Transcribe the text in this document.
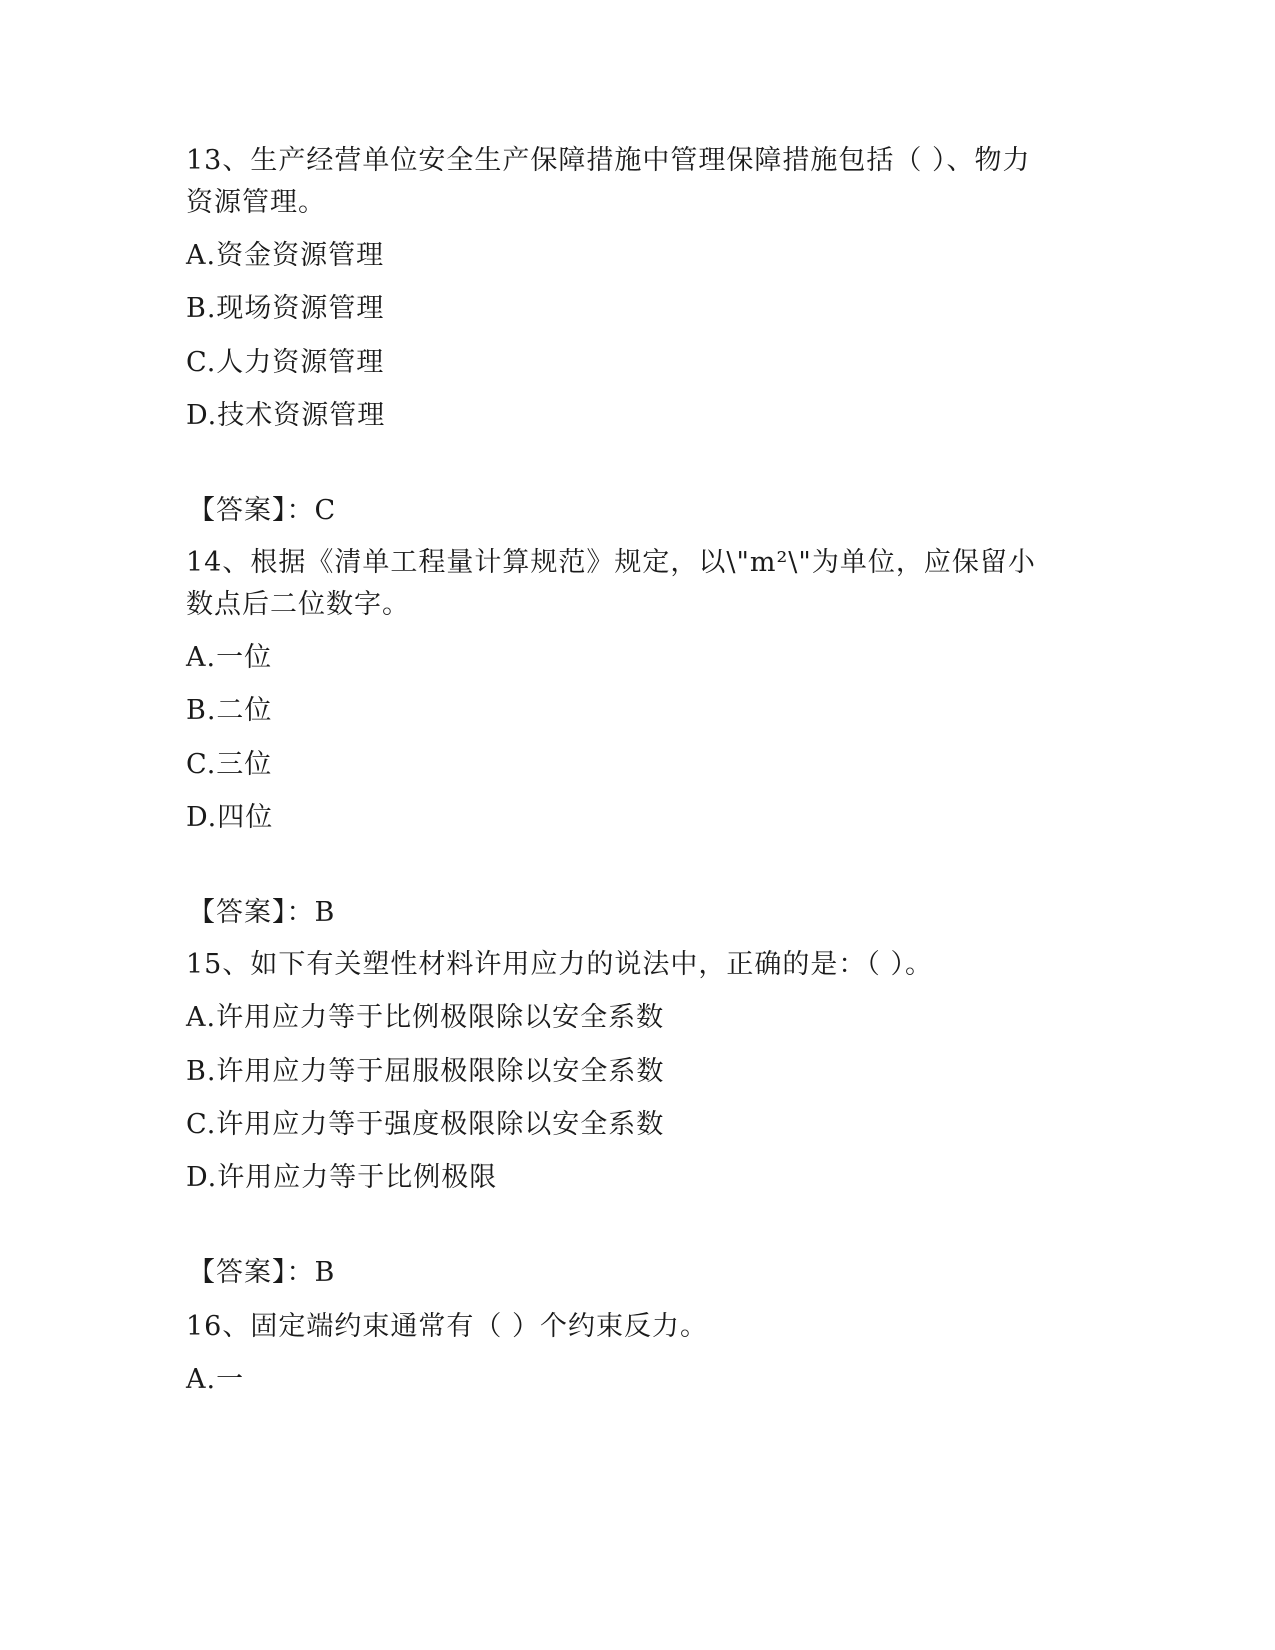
13、生产经营单位安全生产保障措施中管理保障措施包括（ ）、物力
资源管理。
A.资金资源管理
B.现场资源管理
C.人力资源管理
D.技术资源管理
【答案】：C
14、根据《清单工程量计算规范》规定，以\"m²\"为单位，应保留小
数点后二位数字。
A.一位
B.二位
C.三位
D.四位
【答案】：B
15、如下有关塑性材料许用应力的说法中，正确的是：（ ）。
A.许用应力等于比例极限除以安全系数
B.许用应力等于屈服极限除以安全系数
C.许用应力等于强度极限除以安全系数
D.许用应力等于比例极限
【答案】：B
16、固定端约束通常有（ ）个约束反力。
A.一
